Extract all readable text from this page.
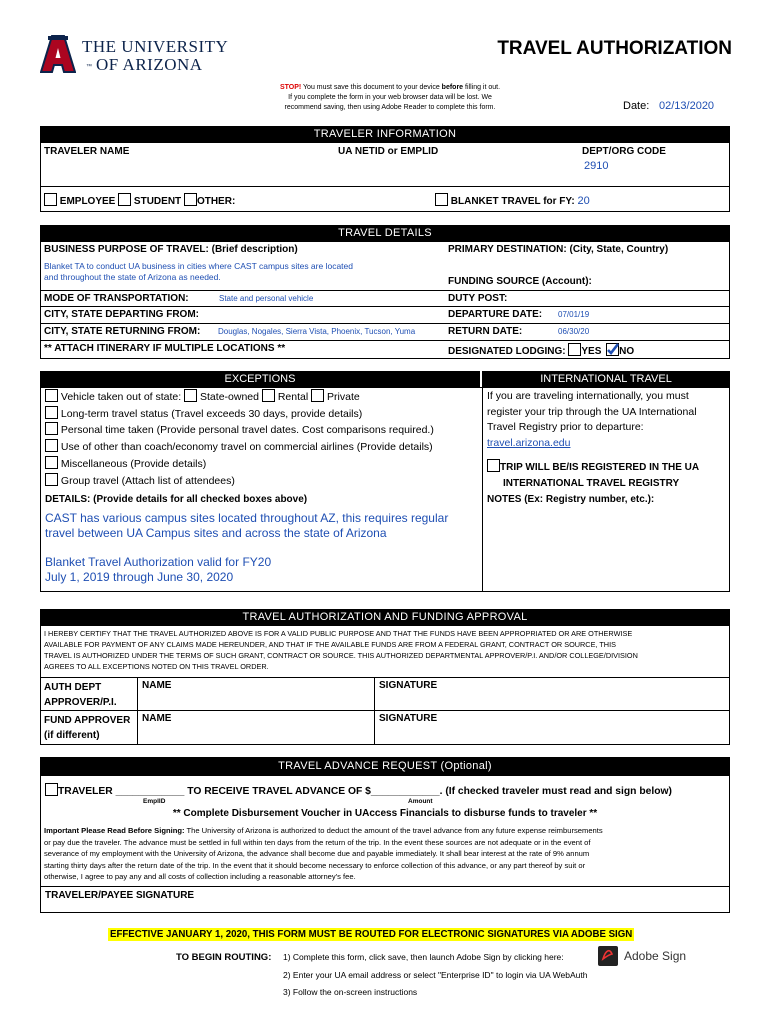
THE UNIVERSITY
™ OF ARIZONA
TRAVEL AUTHORIZATION
STOP! You must save this document to your device before filling it out.
If you complete the form in your web browser data will be lost. We
recommend saving, then using Adobe Reader to complete this form.	Date: 02/13/2020
TRAVELER INFORMATION
TRAVELER NAME	UA NETID or EMPLID	DEPT/ORG CODE
2910
EMPLOYEE STUDENT OTHER:	BLANKET TRAVEL for FY: 20
TRAVEL DETAILS
BUSINESS PURPOSE OF TRAVEL: (Brief description)
Blanket TA to conduct UA business in cities where CAST campus sites are located
and throughout the state of Arizona as needed.
PRIMARY DESTINATION: (City, State, Country)
FUNDING SOURCE (Account):
MODE OF TRANSPORTATION:	State and personal vehicle	DUTY POST:
CITY, STATE DEPARTING FROM:	DEPARTURE DATE: 07/01/19
CITY, STATE RETURNING FROM: Douglas, Nogales, Sierra Vista, Phoenix, Tucson, Yuma	RETURN DATE:	06/30/20
** ATTACH ITINERARY IF MULTIPLE LOCATIONS **	DESIGNATED LODGING: YES NO
EXCEPTIONS	INTERNATIONAL TRAVEL
Vehicle taken out of state: State-owned Rental Private
Long-term travel status (Travel exceeds 30 days, provide details)
Personal time taken (Provide personal travel dates. Cost comparisons required.)
Use of other than coach/economy travel on commercial airlines (Provide details)
Miscellaneous (Provide details)
Group travel (Attach list of attendees)
DETAILS: (Provide details for all checked boxes above)
CAST has various campus sites located throughout AZ, this requires regular
travel between UA Campus sites and across the state of Arizona
Blanket Travel Authorization valid for FY20
July 1, 2019 through June 30, 2020
If you are traveling internationally, you must
register your trip through the UA International
Travel Registry prior to departure:
travel.arizona.edu
TRIP WILL BE/IS REGISTERED IN THE UA
INTERNATIONAL TRAVEL REGISTRY
NOTES (Ex: Registry number, etc.):
TRAVEL AUTHORIZATION AND FUNDING APPROVAL
I HEREBY CERTIFY THAT THE TRAVEL AUTHORIZED ABOVE IS FOR A VALID PUBLIC PURPOSE AND THAT THE FUNDS HAVE BEEN APPROPRIATED OR ARE OTHERWISE
AVAILABLE FOR PAYMENT OF ANY CLAIMS MADE HEREUNDER, AND THAT IF THE AVAILABLE FUNDS ARE FROM A FEDERAL GRANT, CONTRACT OR SOURCE, THIS
TRAVEL IS AUTHORIZED UNDER THE TERMS OF SUCH GRANT, CONTRACT OR SOURCE. THIS AUTHORIZED DEPARTMENTAL APPROVER/P.I. AND/OR COLLEGE/DIVISION
AGREES TO ALL EXCEPTIONS NOTED ON THIS TRAVEL ORDER.
AUTH DEPT
APPROVER/P.I.
NAME	SIGNATURE
FUND APPROVER
(if different)
NAME	SIGNATURE
TRAVEL ADVANCE REQUEST (Optional)
TRAVELER ____________ TO RECEIVE TRAVEL ADVANCE OF $____________. (If checked traveler must read and sign below)
EmplID	Amount
** Complete Disbursement Voucher in UAccess Financials to disburse funds to traveler **
Important Please Read Before Signing: The University of Arizona is authorized to deduct the amount of the travel advance from any future expense reimbursements
or pay due the traveler. The advance must be settled in full within ten days from the return of the trip. In the event these sources are not adequate or in the event of
severance of my employment with the University of Arizona, the advance shall become due and payable immediately. It shall bear interest at the rate of 9% annum
starting thirty days after the return date of the trip. In the event that it should become necessary to enforce collection of this advance, or any part thereof by suit or
otherwise, I agree to pay any and all costs of collection including a reasonable attorney's fee.
TRAVELER/PAYEE SIGNATURE
EFFECTIVE JANUARY 1, 2020, THIS FORM MUST BE ROUTED FOR ELECTRONIC SIGNATURES VIA ADOBE SIGN
TO BEGIN ROUTING: 1) Complete this form, click save, then launch Adobe Sign by clicking here:	Adobe Sign
2) Enter your UA email address or select "Enterprise ID" to login via UA WebAuth
3) Follow the on-screen instructions
